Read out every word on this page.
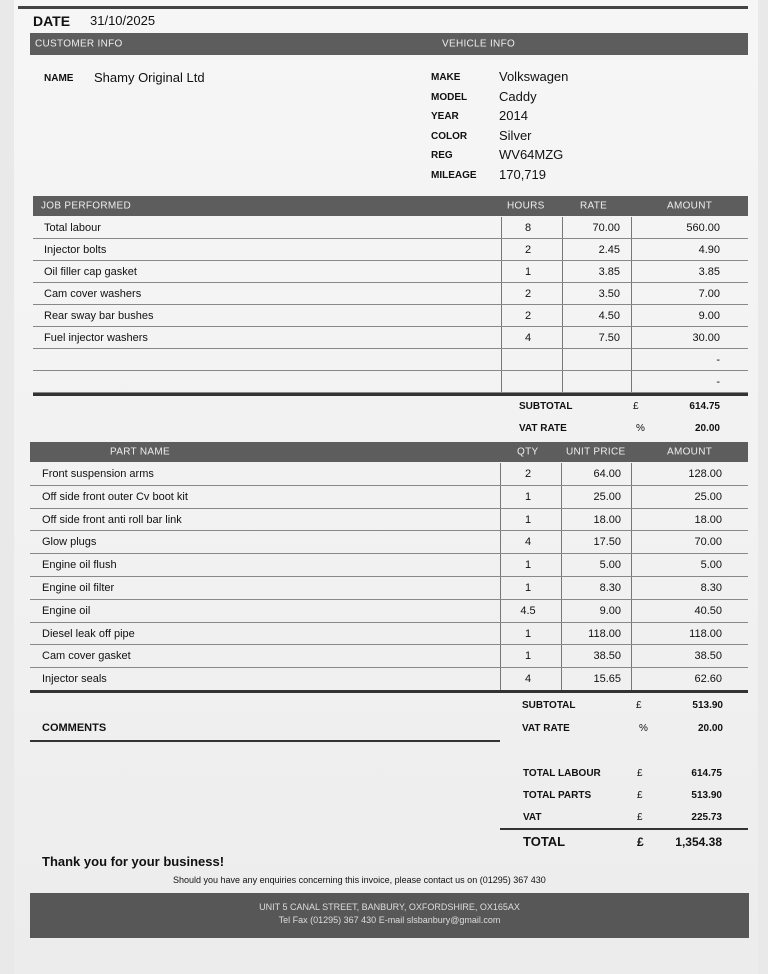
DATE 31/10/2025
CUSTOMER INFO	VEHICLE INFO
NAME Shamy Original Ltd	MAKE	Volkswagen
MODEL Caddy
YEAR	2014
COLOR Silver
REG	WV64MZG
MILEAGE 170,719
JOB PERFORMED	HOURS	RATE	AMOUNT
Total labour	8	70.00	560.00
Injector bolts	2	2.45	4.90
Oil filler cap gasket	1	3.85	3.85
Cam cover washers	2	3.50	7.00
Rear sway bar bushes	2	4.50	9.00
Fuel injector washers	4	7.50	30.00
-
-
SUBTOTAL	£	614.75
VAT RATE	%	20.00
PART NAME	QTY	UNIT PRICE	AMOUNT
Front suspension arms	2	64.00	128.00
Off side front outer Cv boot kit	1	25.00	25.00
Off side front anti roll bar link	1	18.00	18.00
Glow plugs	4	17.50	70.00
Engine oil flush	1	5.00	5.00
Engine oil filter	1	8.30	8.30
Engine oil	4.5	9.00	40.50
Diesel leak off pipe	1	118.00	118.00
Cam cover gasket	1	38.50	38.50
Injector seals	4	15.65	62.60
SUBTOTAL	£	513.90
VAT RATE	%	20.00
COMMENTS
TOTAL LABOUR	£	614.75
TOTAL PARTS	£	513.90
VAT	£	225.73
TOTAL	£	1,354.38
Thank you for your business!
Should you have any enquiries concerning this invoice, please contact us on (01295) 367 430
UNIT 5 CANAL STREET, BANBURY, OXFORDSHIRE, OX165AX
Tel Fax (01295) 367 430 E-mail slsbanbury@gmail.com
